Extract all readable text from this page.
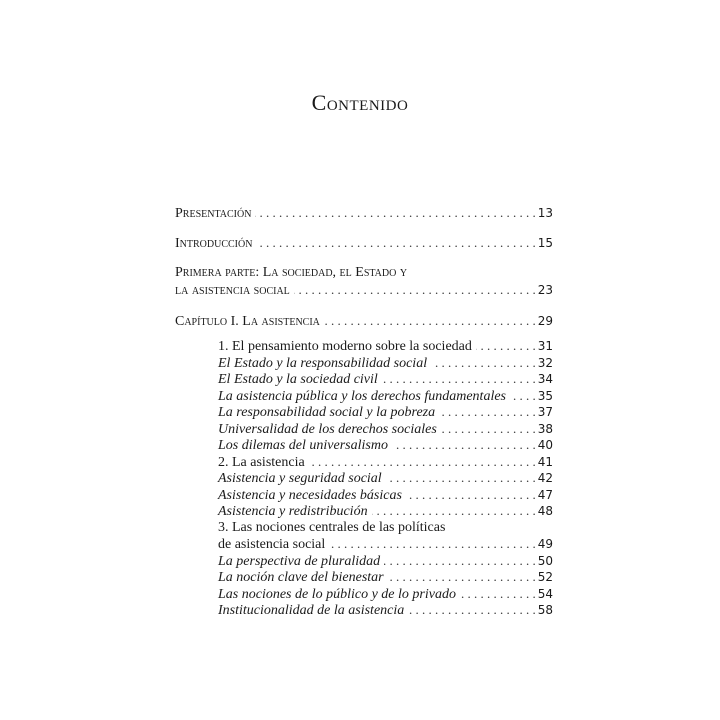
Contenido
Presentación . . .	13
Introducción . . .	15
Primera parte: La sociedad, el Estado y
la asistencia social . . .	23
Capítulo I. La asistencia . . .	29
1. El pensamiento moderno sobre la sociedad . . .	31
El Estado y la responsabilidad social . . .	32
El Estado y la sociedad civil . . .	34
La asistencia pública y los derechos fundamentales . . .	35
La responsabilidad social y la pobreza . . .	37
Universalidad de los derechos sociales . . .	38
Los dilemas del universalismo . . .	40
2. La asistencia . . .	41
Asistencia y seguridad social . . .	42
Asistencia y necesidades básicas . . .	47
Asistencia y redistribución . . .	48
3. Las nociones centrales de las políticas
de asistencia social . . .	49
La perspectiva de pluralidad . . .	50
La noción clave del bienestar . . .	52
Las nociones de lo público y de lo privado . . .	54
Institucionalidad de la asistencia . . .	58
